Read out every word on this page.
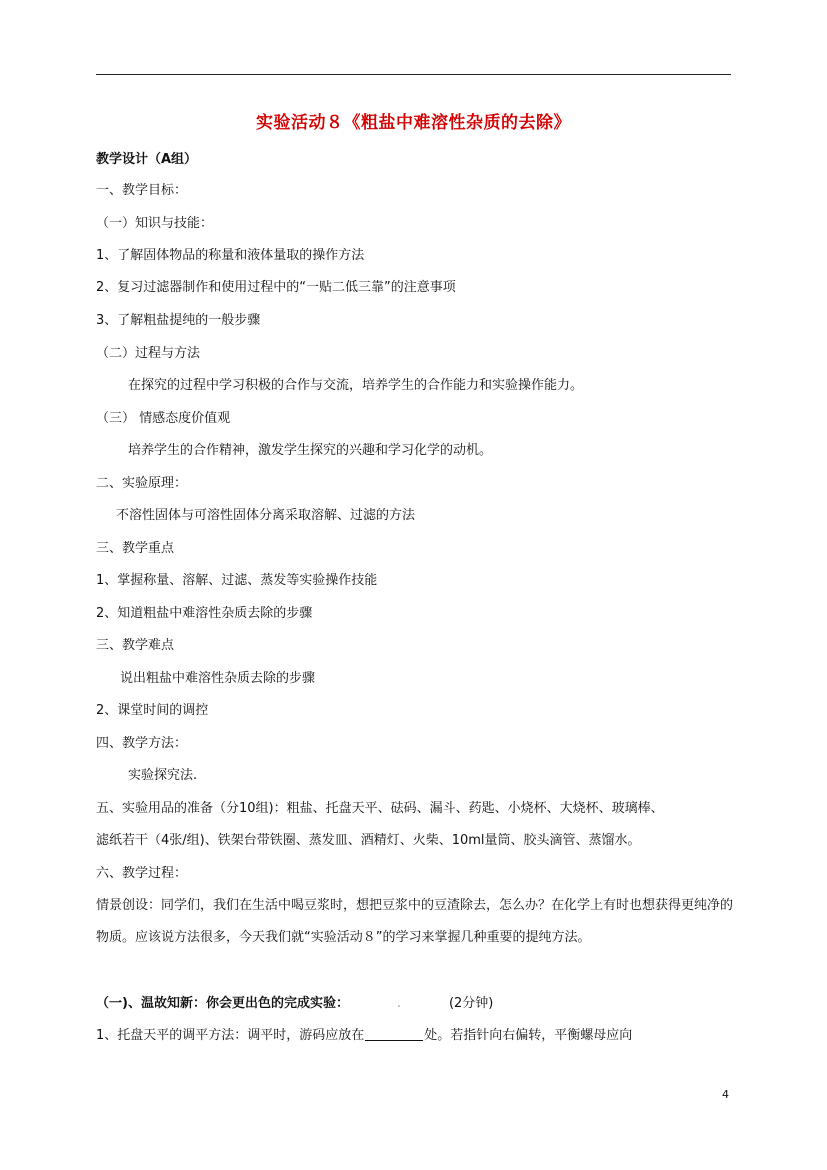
实验活动８《粗盐中难溶性杂质的去除》
教学设计（A组）
一、教学目标：
（一）知识与技能：
1、了解固体物品的称量和液体量取的操作方法
2、复习过滤器制作和使用过程中的“一贴二低三靠”的注意事项
3、了解粗盐提纯的一般步骤
（二）过程与方法
在探究的过程中学习积极的合作与交流，培养学生的合作能力和实验操作能力。
（三） 情感态度价值观
培养学生的合作精神，激发学生探究的兴趣和学习化学的动机。
二、实验原理：
不溶性固体与可溶性固体分离采取溶解、过滤的方法
三、教学重点
1、掌握称量、溶解、过滤、蒸发等实验操作技能
2、知道粗盐中难溶性杂质去除的步骤
三、教学难点
说出粗盐中难溶性杂质去除的步骤
2、课堂时间的调控
四、教学方法：
实验探究法.
五、实验用品的准备（分10组)：粗盐、托盘天平、砝码、漏斗、药匙、小烧杯、大烧杯、玻璃棒、
滤纸若干（4张/组)、铁架台带铁圈、蒸发皿、酒精灯、火柴、10ml量筒、胶头滴管、蒸馏水。
六、教学过程：
情景创设：同学们，我们在生活中喝豆浆时，想把豆浆中的豆渣除去，怎么办？在化学上有时也想获得更纯净的物质。应该说方法很多，今天我们就“实验活动８”的学习来掌握几种重要的提纯方法。
（一)、温故知新：你会更出色的完成实验：	.	(2分钟)
1、托盘天平的调平方法：调平时，游码应放在	处。若指针向右偏转，平衡螺母应向
4
